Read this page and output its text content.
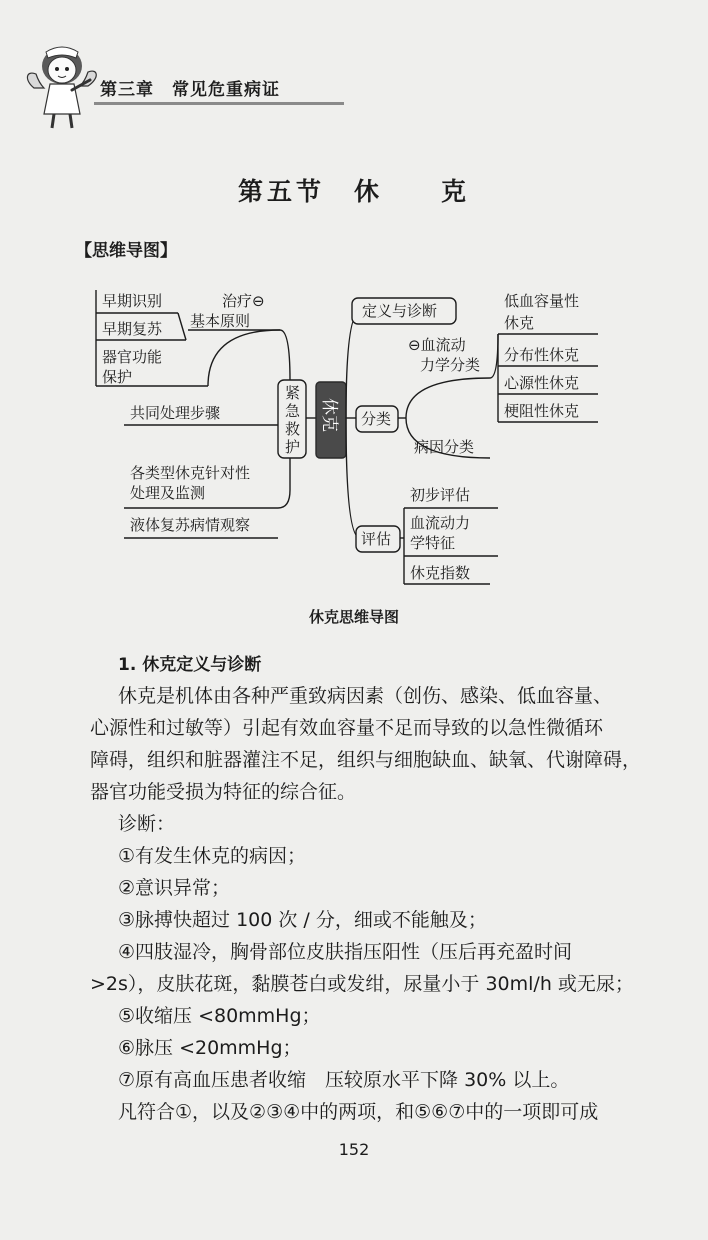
第三章　常见危重病证
第五节　休　　克
【思维导图】
早期识别
早期复苏
器官功能 保护
治疗⊖ 基本原则
共同处理步骤
各类型休克针对性 处理及监测
液体复苏病情观察
紧 急 救 护
休克
定义与诊断
分类
⊖血流动 力学分类
低血容量性 休克
分布性休克
心源性休克
梗阻性休克
病因分类
评估
初步评估
血流动力 学特征
休克指数
休克思维导图
1. 休克定义与诊断
休克是机体由各种严重致病因素（创伤、感染、低血容量、
心源性和过敏等）引起有效血容量不足而导致的以急性微循环
障碍，组织和脏器灌注不足，组织与细胞缺血、缺氧、代谢障碍，
器官功能受损为特征的综合征。
诊断：
①有发生休克的病因；
②意识异常；
③脉搏快超过 100 次 / 分，细或不能触及；
④四肢湿冷，胸骨部位皮肤指压阳性（压后再充盈时间
>2s），皮肤花斑，黏膜苍白或发绀，尿量小于 30ml/h 或无尿；
⑤收缩压 <80mmHg；
⑥脉压 <20mmHg；
⑦原有高血压患者收缩　压较原水平下降 30% 以上。
凡符合①，以及②③④中的两项，和⑤⑥⑦中的一项即可成
152
